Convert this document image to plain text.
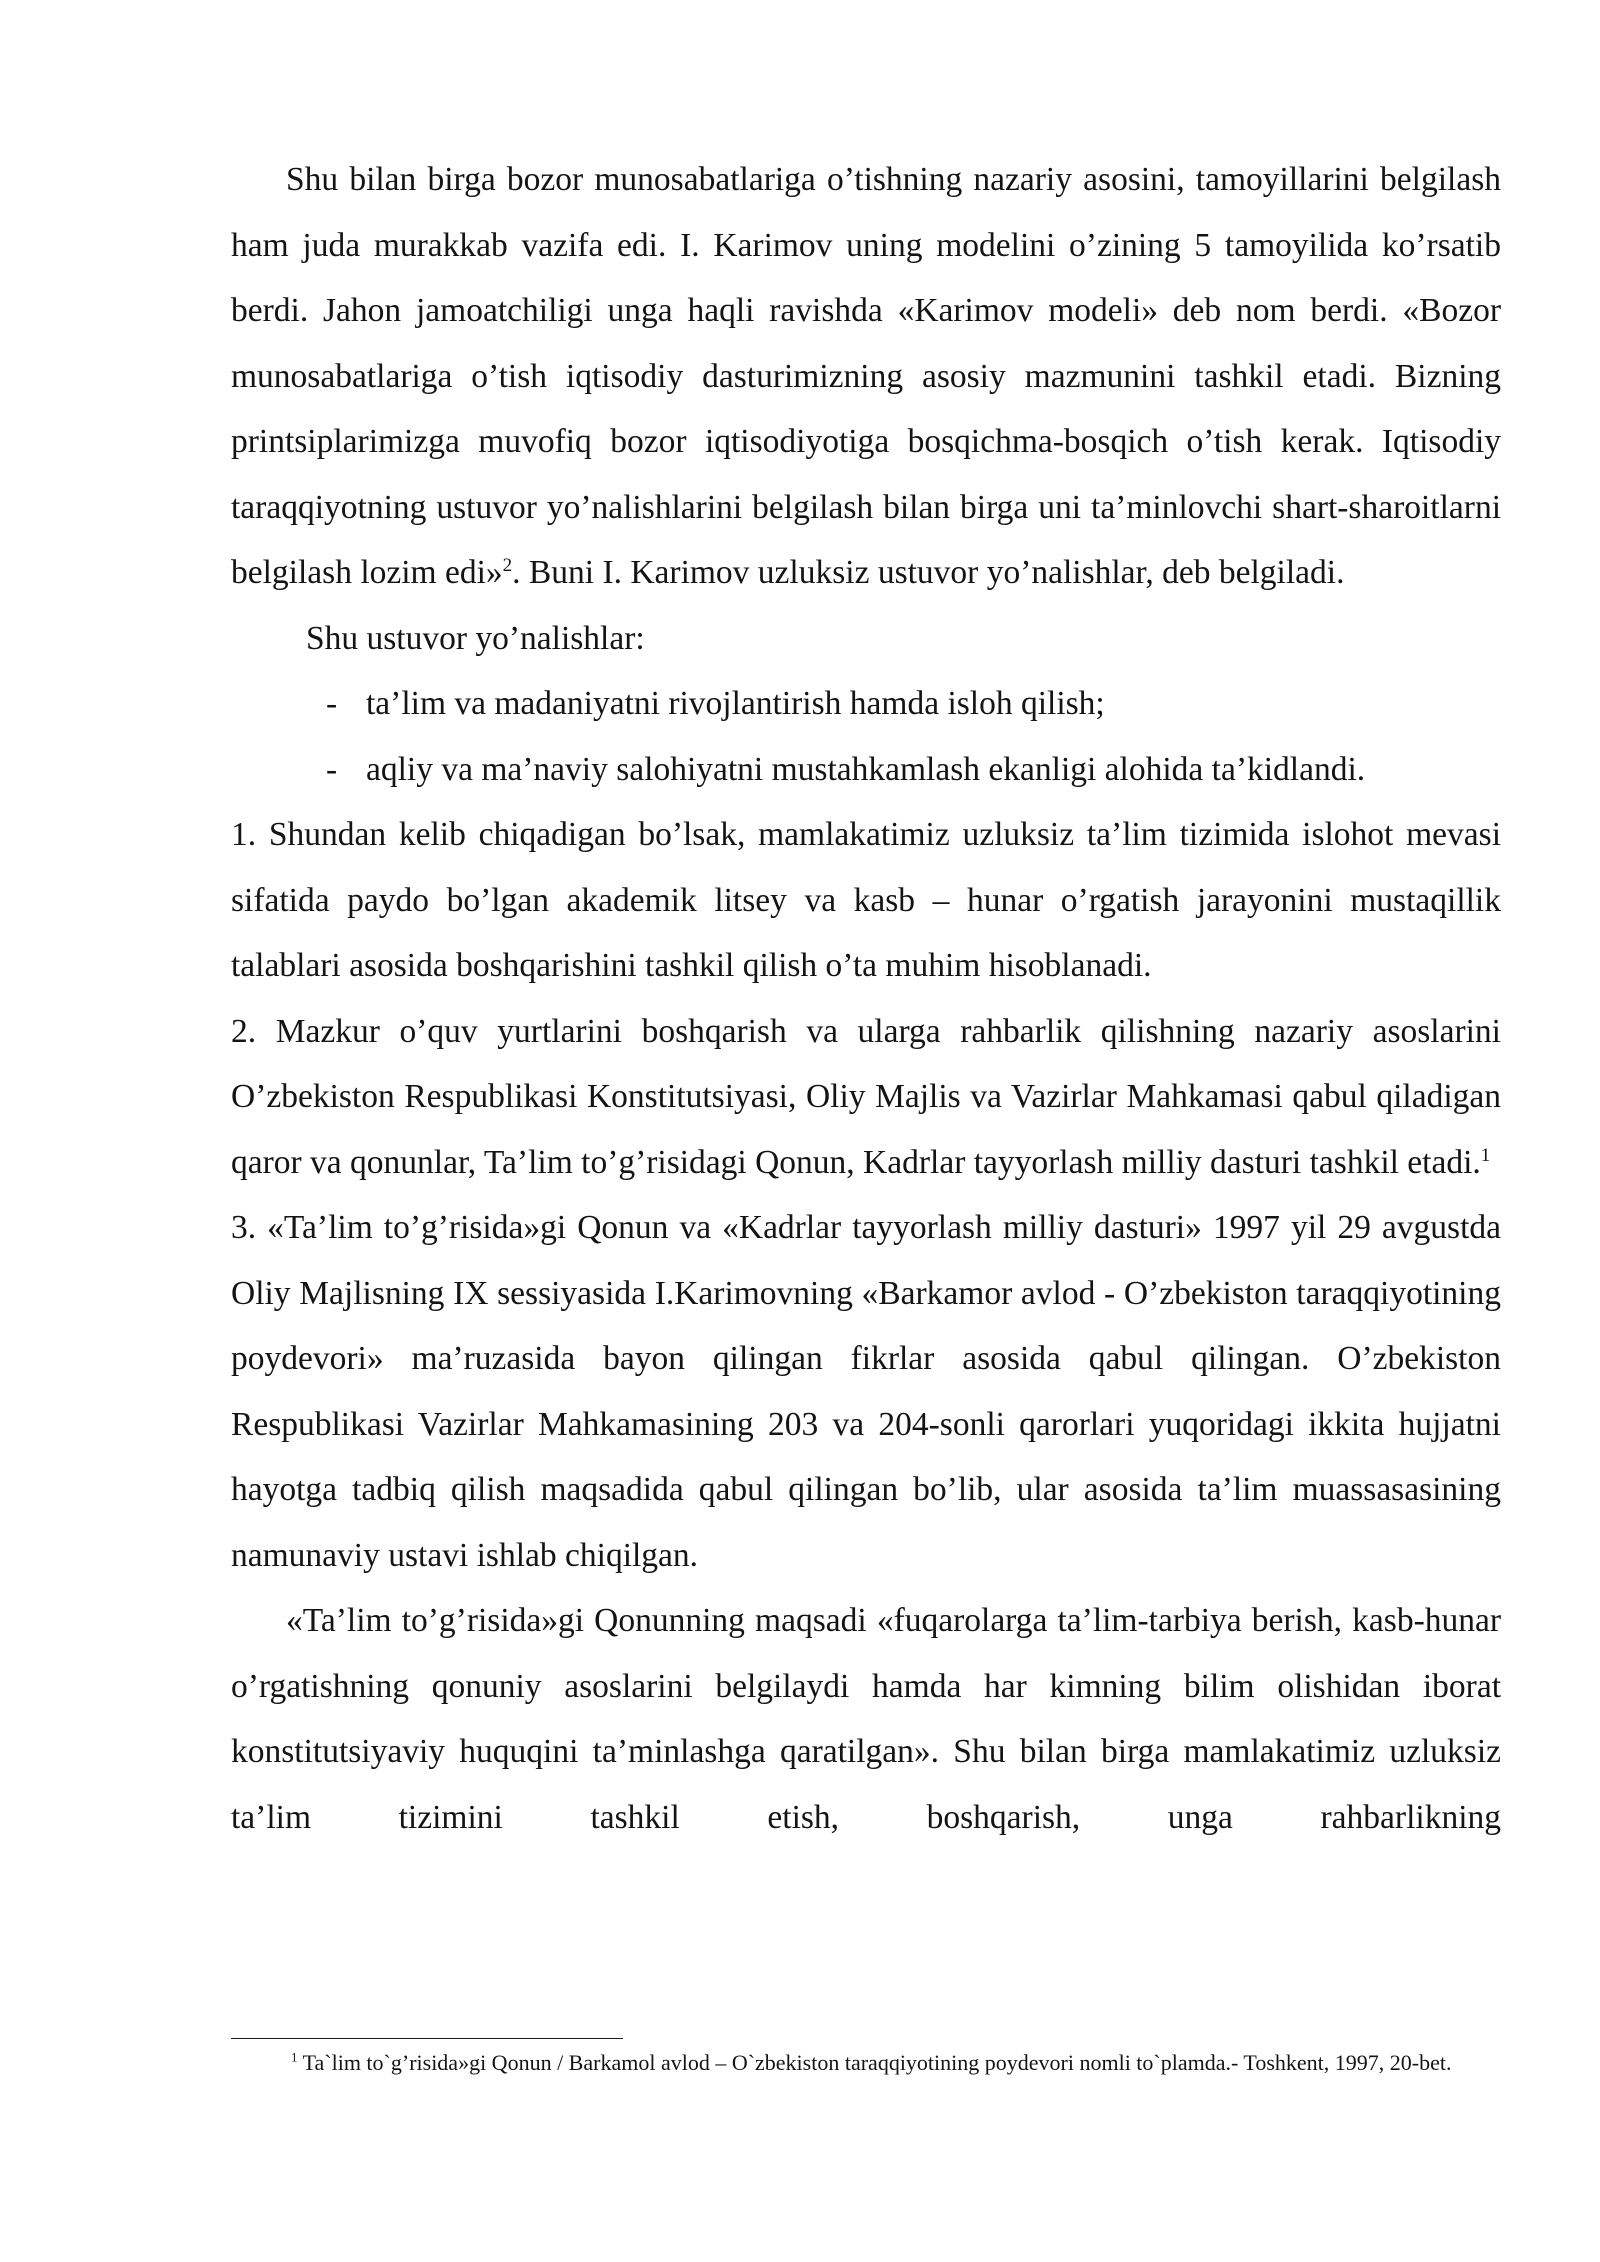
Shu bilan birga bozor munosabatlariga o’tishning nazariy asosini, tamoyillarini belgilash ham juda murakkab vazifa edi. I. Karimov uning modelini o’zining 5 tamoyilida ko’rsatib berdi. Jahon jamoatchiligi unga haqli ravishda «Karimov modeli» deb nom berdi. «Bozor munosabatlariga o’tish iqtisodiy dasturimizning asosiy mazmunini tashkil etadi. Bizning printsiplarimizga muvofiq bozor iqtisodiyotiga bosqichma-bosqich o’tish kerak. Iqtisodiy taraqqiyotning ustuvor yo’nalishlarini belgilash bilan birga uni ta’minlovchi shart-sharoitlarni belgilash lozim edi»$^2$. Buni I. Karimov uzluksiz ustuvor yo’nalishlar, deb belgiladi.

Shu ustuvor yo’nalishlar:

- ta’lim va madaniyatni rivojlantirish hamda isloh qilish;

- aqliy va ma’naviy salohiyatni mustahkamlash ekanligi alohida ta’kidlandi.

1. Shundan kelib chiqadigan bo’lsak, mamlakatimiz uzluksiz ta’lim tizimida islohot mevasi sifatida paydo bo’lgan akademik litsey va kasb – hunar o’rgatish jarayonini mustaqillik talablari asosida boshqarishini tashkil qilish o’ta muhim hisoblanadi.

2. Mazkur o’quv yurtlarini boshqarish va ularga rahbarlik qilishning nazariy asoslarini O’zbekiston Respublikasi Konstitutsiyasi, Oliy Majlis va Vazirlar Mahkamasi qabul qiladigan qaror va qonunlar, Ta’lim to’g’risidagi Qonun, Kadrlar tayyorlash milliy dasturi tashkil etadi.$^1$

3. «Ta’lim to’g’risida»gi Qonun va «Kadrlar tayyorlash milliy dasturi» 1997 yil 29 avgustda Oliy Majlisning IX sessiyasida I.Karimovning «Barkamor avlod - O’zbekiston taraqqiyotining poydevori» ma’ruzasida bayon qilingan fikrlar asosida qabul qilingan. O’zbekiston Respublikasi Vazirlar Mahkamasining 203 va 204-sonli qarorlari yuqoridagi ikkita hujjatni hayotga tadbiq qilish maqsadida qabul qilingan bo’lib, ular asosida ta’lim muassasasining namunaviy ustavi ishlab chiqilgan.

«Ta’lim to’g’risida»gi Qonunning maqsadi «fuqarolarga ta’lim-tarbiya berish, kasb-hunar o’rgatishning qonuniy asoslarini belgilaydi hamda har kimning bilim olishidan iborat konstitutsiyaviy huquqini ta’minlashga qaratilgan». Shu bilan birga mamlakatimiz uzluksiz ta’lim tizimini tashkil etish, boshqarish, unga rahbarlikning

$^1$ Ta`lim to`g’risida»gi Qonun / Barkamol avlod – O`zbekiston taraqqiyotining poydevori nomli to`plamda.- Toshkent, 1997, 20-bet.
